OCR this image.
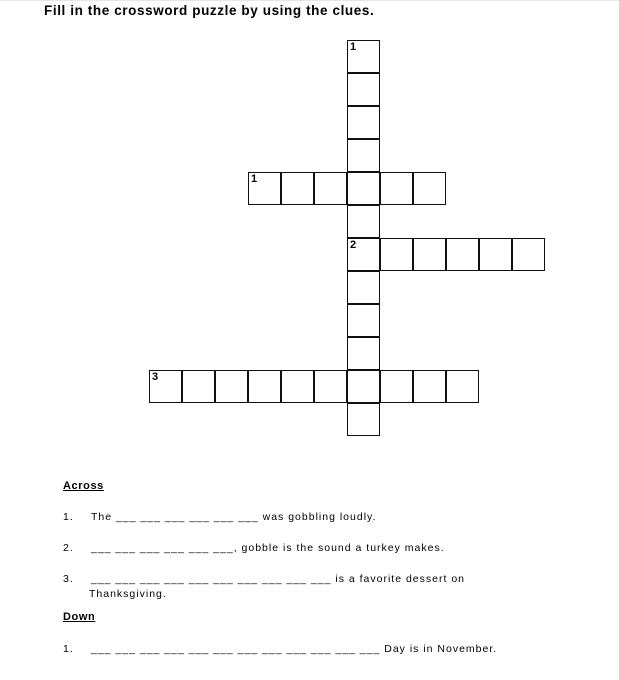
Fill in the crossword puzzle by using the clues.
1
2
1
3
Across
1. The ___ ___ ___ ___ ___ ___ was gobbling loudly.
2. ___ ___ ___ ___ ___ ___, gobble is the sound a turkey makes.
3. ___ ___ ___ ___ ___ ___ ___ ___ ___ ___ is a favorite dessert on
Thanksgiving.
Down
1. ___ ___ ___ ___ ___ ___ ___ ___ ___ ___ ___ ___ Day is in November.
